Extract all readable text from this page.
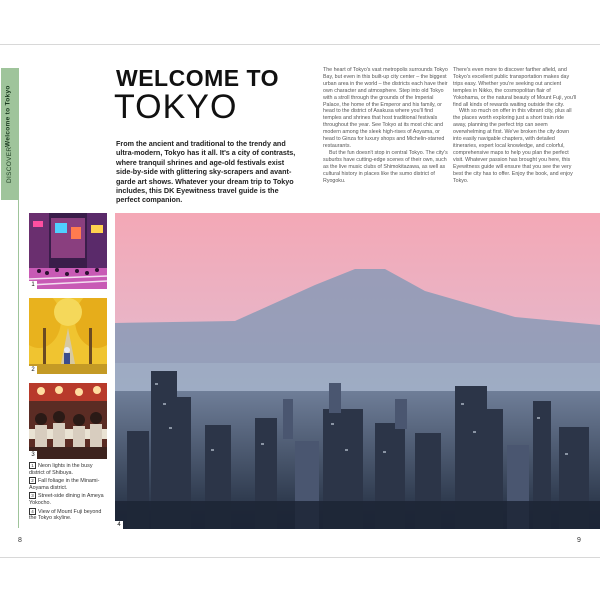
DISCOVER
Welcome to Tokyo
WELCOME TO
TOKYO
From the ancient and traditional to the trendy and ultra-modern, Tokyo has it all. It's a city of contrasts, where tranquil shrines and age-old festivals exist side-by-side with glittering sky-scrapers and avant-garde art shows. Whatever your dream trip to Tokyo includes, this DK Eyewitness travel guide is the perfect companion.

The heart of Tokyo's vast metropolis surrounds Tokyo Bay, but even in this built-up city center – the biggest urban area in the world – the districts each have their own character and atmosphere. Step into old Tokyo with a stroll through the grounds of the Imperial Palace, the home of the Emperor and his family, or head to the district of Asakusa where you'll find temples and shrines that host traditional festivals throughout the year. See Tokyo at its most chic and modern among the sleek high-rises of Aoyama, or head to Ginza for luxury shops and Michelin-starred restaurants.

But the fun doesn't stop in central Tokyo. The city's suburbs have cutting-edge scenes of their own, such as the live music clubs of Shimokitazawa, as well as cultural history in places like the sumo district of Ryogoku.

There's even more to discover farther afield, and Tokyo's excellent public transportation makes day trips easy. Whether you're seeking out ancient temples in Nikko, the cosmopolitan flair of Yokohama, or the natural beauty of Mount Fuji, you'll find all kinds of rewards waiting outside the city.

With so much on offer in this vibrant city, plus all the places worth exploring just a short train ride away, planning the perfect trip can seem overwhelming at first. We've broken the city down into easily navigable chapters, with detailed itineraries, expert local knowledge, and colorful, comprehensive maps to help you plan the perfect visit. Whatever passion has brought you here, this Eyewitness guide will ensure that you see the very best the city has to offer. Enjoy the book, and enjoy Tokyo.

1
2
3
4

1 Neon lights in the busy district of Shibuya.

2 Fall foliage in the Minami-Aoyama district.

3 Street-side dining in Ameya Yokocho.

4 View of Mount Fuji beyond the Tokyo skyline.

8	9
